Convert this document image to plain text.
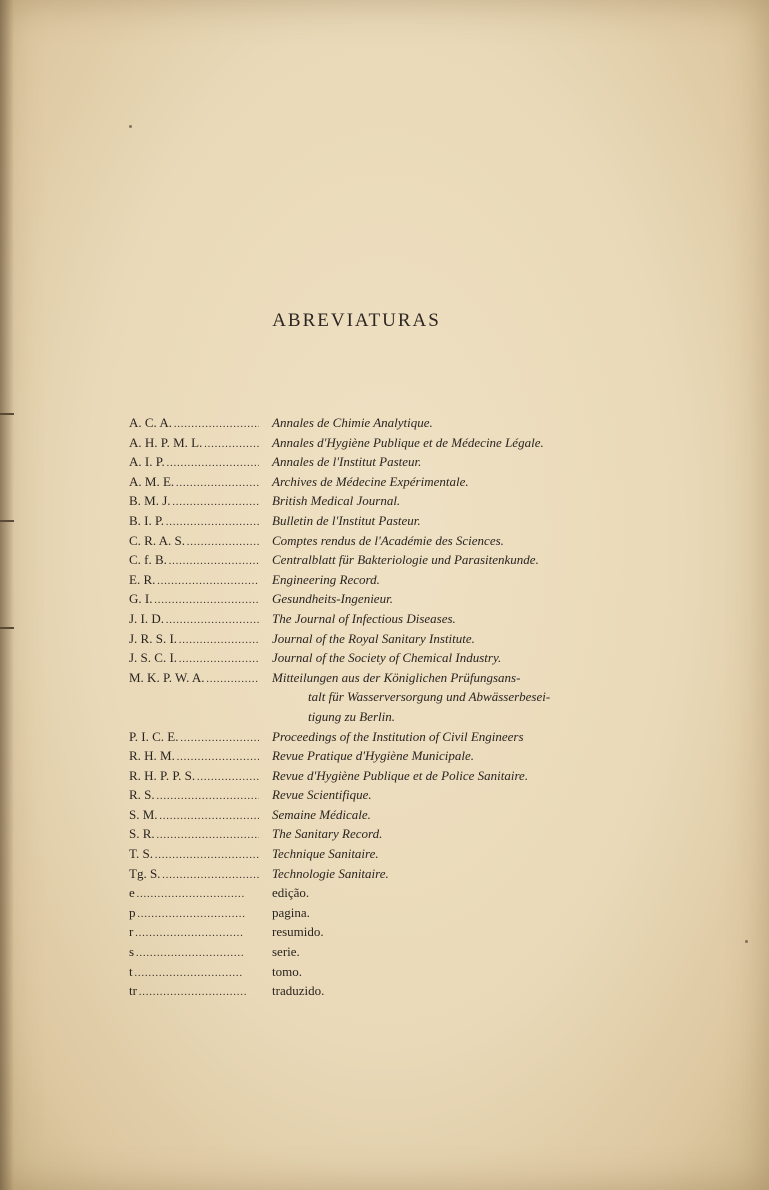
ABREVIATURAS
A. C. A. . . .	Annales de Chimie Analytique.
A. H. P. M. L. . . .	Annales d'Hygiène Publique et de Médecine Légale.
A. I. P. . . .	Annales de l'Institut Pasteur.
A. M. E. . . .	Archives de Médecine Expérimentale.
B. M. J. . . .	British Medical Journal.
B. I. P. . . .	Bulletin de l'Institut Pasteur.
C. R. A. S. . . .	Comptes rendus de l'Académie des Sciences.
C. f. B. . . .	Centralblatt für Bakteriologie und Parasitenkunde.
E. R. . . .	Engineering Record.
G. I. . . .	Gesundheits-Ingenieur.
J. I. D. . . .	The Journal of Infectious Diseases.
J. R. S. I. . . .	Journal of the Royal Sanitary Institute.
J. S. C. I. . . .	Journal of the Society of Chemical Industry.
M. K. P. W. A. . . .	Mitteilungen aus der Königlichen Prüfungsans-
talt für Wasserversorgung und Abwässerbesei-
tigung zu Berlin.
P. I. C. E. . . .	Proceedings of the Institution of Civil Engineers
R. H. M. . . .	Revue Pratique d'Hygiène Municipale.
R. H. P. P. S. . . .	Revue d'Hygiène Publique et de Police Sanitaire.
R. S. . . .	Revue Scientifique.
S. M. . . .	Semaine Médicale.
S. R. . . .	The Sanitary Record.
T. S. . . .	Technique Sanitaire.
Tg. S. . . .	Technologie Sanitaire.
e . . .	edição.
p . . .	pagina.
r . . .	resumido.
s . . .	serie.
t . . .	tomo.
tr . . .	traduzido.
